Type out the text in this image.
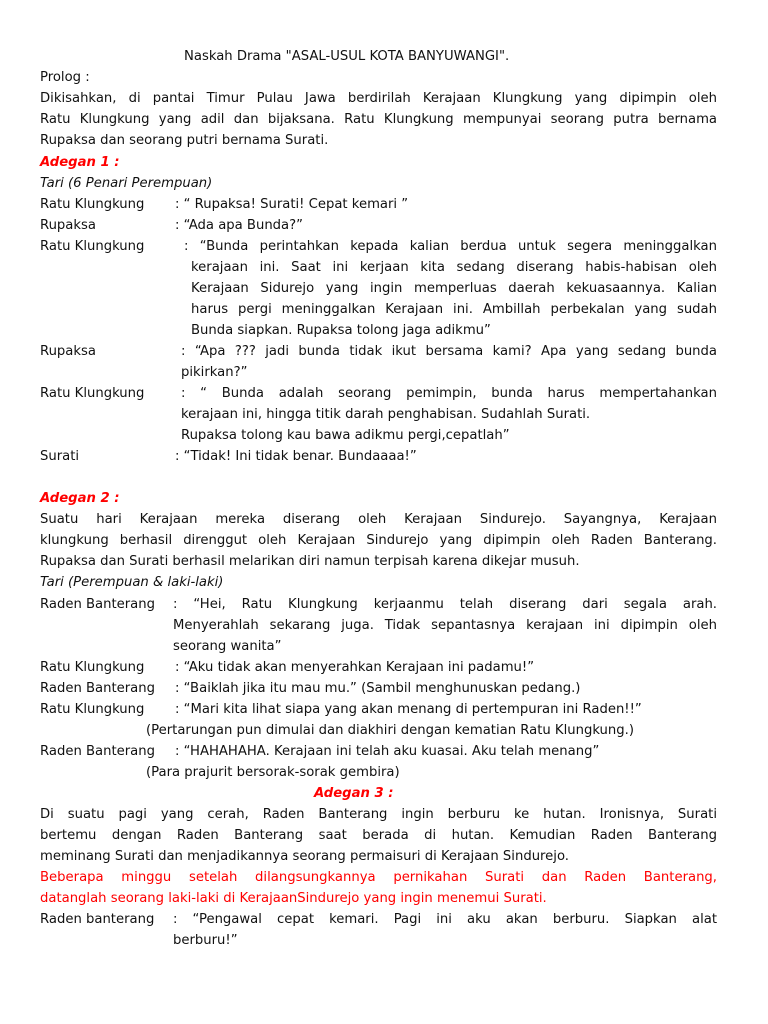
Naskah Drama "ASAL-USUL KOTA BANYUWANGI".
Prolog :
Dikisahkan, di pantai Timur Pulau Jawa berdirilah Kerajaan Klungkung yang dipimpin oleh
Ratu Klungkung yang adil dan bijaksana. Ratu Klungkung mempunyai seorang putra bernama
Rupaksa dan seorang putri bernama Surati.
Adegan 1 :
Tari (6 Penari Perempuan)
Ratu Klungkung : “ Rupaksa! Surati! Cepat kemari ”
Rupaksa	: “Ada apa Bunda?”
Ratu Klungkung	: “Bunda perintahkan kepada kalian berdua untuk segera meninggalkan
kerajaan ini. Saat ini kerjaan kita sedang diserang habis-habisan oleh
Kerajaan Sidurejo yang ingin memperluas daerah kekuasaannya. Kalian
harus pergi meninggalkan Kerajaan ini. Ambillah perbekalan yang sudah
Bunda siapkan. Rupaksa tolong jaga adikmu”
Rupaksa	: “Apa ??? jadi bunda tidak ikut bersama kami? Apa yang sedang bunda
pikirkan?”
Ratu Klungkung	: “ Bunda adalah seorang pemimpin, bunda harus mempertahankan
kerajaan ini, hingga titik darah penghabisan. Sudahlah Surati.
Rupaksa tolong kau bawa adikmu pergi,cepatlah”
Surati	: “Tidak! Ini tidak benar. Bundaaaa!”
Adegan 2 :
Suatu hari Kerajaan mereka diserang oleh Kerajaan Sindurejo. Sayangnya, Kerajaan
klungkung berhasil direnggut oleh Kerajaan Sindurejo yang dipimpin oleh Raden Banterang.
Rupaksa dan Surati berhasil melarikan diri namun terpisah karena dikejar musuh.
Tari (Perempuan & laki-laki)
Raden Banterang : “Hei, Ratu Klungkung kerjaanmu telah diserang dari segala arah.
Menyerahlah sekarang juga. Tidak sepantasnya kerajaan ini dipimpin oleh
seorang wanita”
Ratu Klungkung : “Aku tidak akan menyerahkan Kerajaan ini padamu!”
Raden Banterang : “Baiklah jika itu mau mu.” (Sambil menghunuskan pedang.)
Ratu Klungkung : “Mari kita lihat siapa yang akan menang di pertempuran ini Raden!!”
(Pertarungan pun dimulai dan diakhiri dengan kematian Ratu Klungkung.)
Raden Banterang : “HAHAHAHA. Kerajaan ini telah aku kuasai. Aku telah menang”
(Para prajurit bersorak-sorak gembira)
Adegan 3 :
Di suatu pagi yang cerah, Raden Banterang ingin berburu ke hutan. Ironisnya, Surati
bertemu dengan Raden Banterang saat berada di hutan. Kemudian Raden Banterang
meminang Surati dan menjadikannya seorang permaisuri di Kerajaan Sindurejo.
Beberapa minggu setelah dilangsungkannya pernikahan Surati dan Raden Banterang,
datanglah seorang laki-laki di KerajaanSindurejo yang ingin menemui Surati.
Raden banterang : “Pengawal cepat kemari. Pagi ini aku akan berburu. Siapkan alat
berburu!”
